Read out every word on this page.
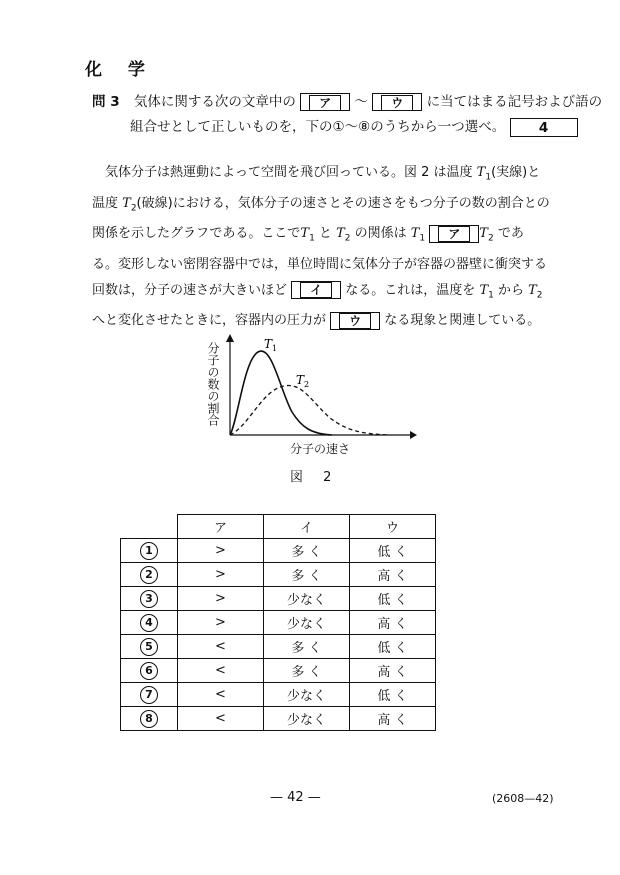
化 学
問 3 気体に関する次の文章中の ア 〜 ウ に当てはまる記号および語の
組合せとして正しいものを，下の①〜⑧のうちから一つ選べ。 4
　気体分子は熱運動によって空間を飛び回っている。図 2 は温度 $T_1$(実線)と
温度 $T_2$(破線)における，気体分子の速さとその速さをもつ分子の数の割合との
関係を示したグラフである。ここで$T_1$ と $T_2$ の関係は $T_1$ ア $T_2$ であ
る。変形しない密閉容器中では，単位時間に気体分子が容器の器壁に衝突する
回数は，分子の速さが大きいほど イ なる。これは，温度を $T_1$ から $T_2$
へと変化させたときに，容器内の圧力が ウ なる現象と関連している。
$T_1$
$T_2$
分子の数の割合
分子の速さ
図 2
	ア	イ	ウ
1	>	多 く	低 く
2	>	多 く	高 く
3	>	少なく	低 く
4	>	少なく	高 く
5	<	多 く	低 く
6	<	多 く	高 く
7	<	少なく	低 く
8	<	少なく	高 く
— 42 —	(2608—42)
